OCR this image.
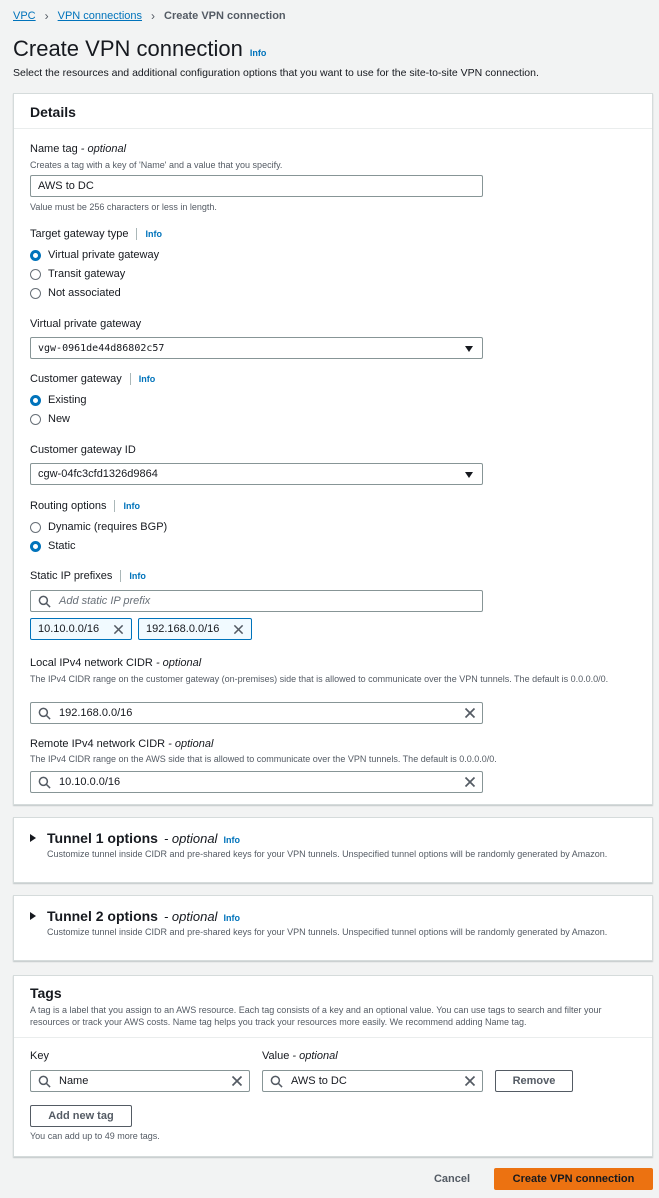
VPC › VPN connections › Create VPN connection
Create VPN connection Info
Select the resources and additional configuration options that you want to use for the site-to-site VPN connection.
Details
Name tag
- optional
Creates a tag with a key of 'Name' and a value that you specify.
AWS to DC
Value must be 256 characters or less in length.
Target gateway type Info
Virtual private gateway
Transit gateway
Not associated
Virtual private gateway
vgw-0961de44d86802c57
Customer gateway Info
Existing
New
Customer gateway ID
cgw-04fc3cfd1326d9864
Routing options Info
Dynamic (requires BGP)
Static
Static IP prefixes Info
Add static IP prefix
10.10.0.0/16	192.168.0.0/16
Local IPv4 network CIDR
- optional
The IPv4 CIDR range on the customer gateway (on-premises) side that is allowed to communicate over the VPN tunnels. The default is 0.0.0.0/0.
192.168.0.0/16
Remote IPv4 network CIDR
- optional
The IPv4 CIDR range on the AWS side that is allowed to communicate over the VPN tunnels. The default is 0.0.0.0/0.
10.10.0.0/16
Tunnel 1 options - optional Info
Customize tunnel inside CIDR and pre-shared keys for your VPN tunnels. Unspecified tunnel options will be randomly generated by Amazon.
Tunnel 2 options - optional Info
Customize tunnel inside CIDR and pre-shared keys for your VPN tunnels. Unspecified tunnel options will be randomly generated by Amazon.
Tags
A tag is a label that you assign to an AWS resource. Each tag consists of a key and an optional value. You can use tags to search and filter your resources or track your AWS costs. Name tag helps you track your resources more easily. We recommend adding Name tag.
Key	Value
- optional
Name	AWS to DC	Remove
Add new tag
You can add up to 49 more tags.
Cancel	Create VPN connection
